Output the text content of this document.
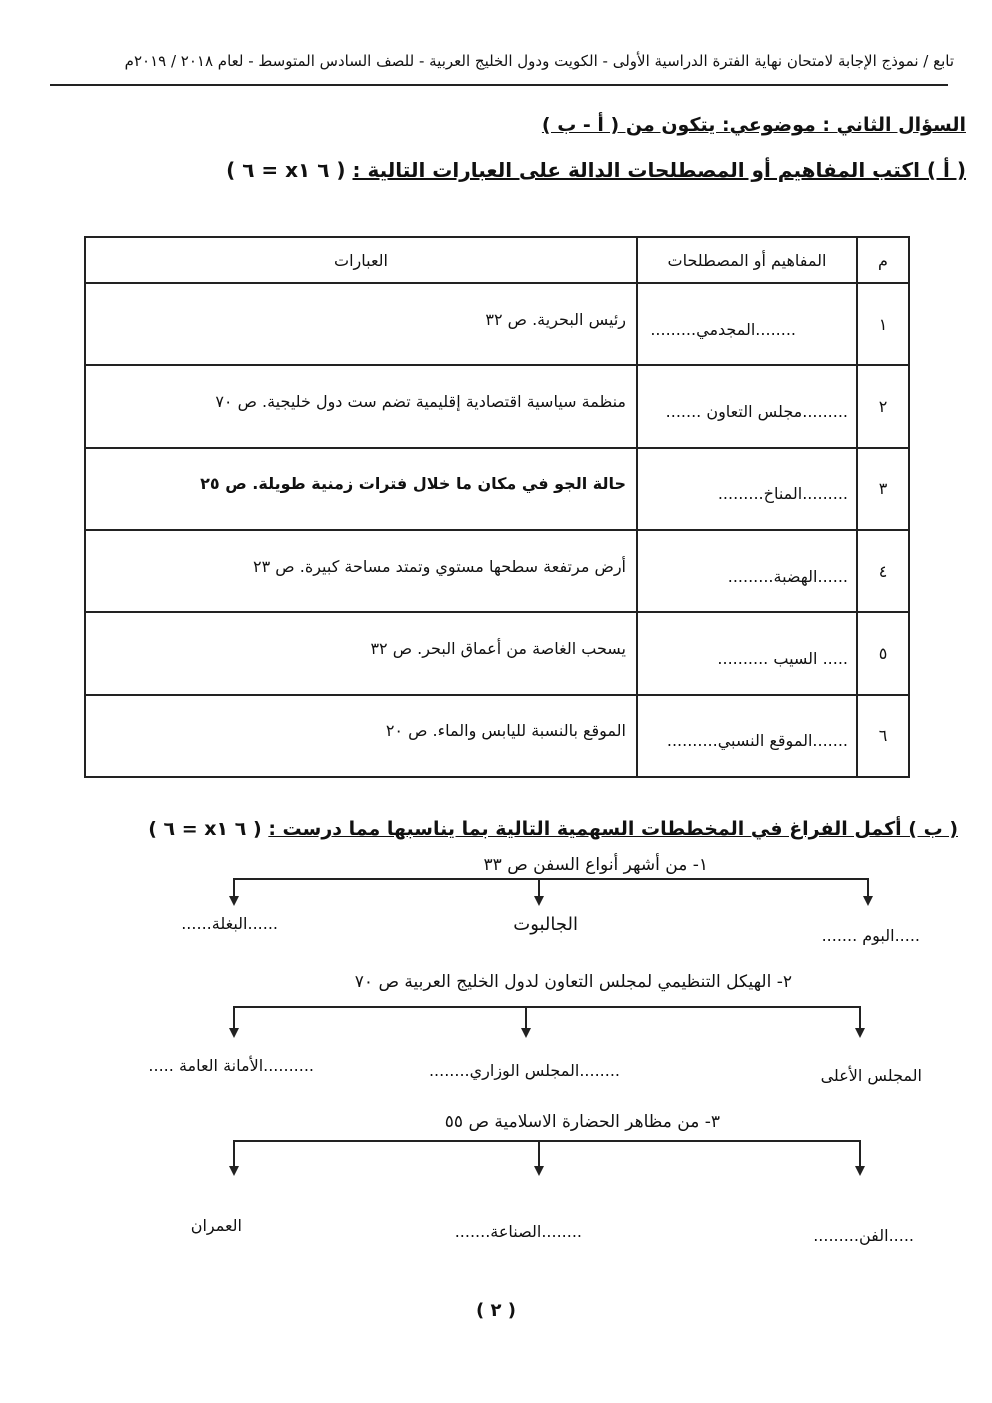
تابع / نموذج الإجابة لامتحان نهاية الفترة الدراسية الأولى - الكويت ودول الخليج العربية - للصف السادس المتوسط - لعام ٢٠١٨ / ٢٠١٩م
السؤال الثاني : موضوعي: يتكون من ( أ - ب )
( أ ) اكتب المفاهيم أو المصطلحات الدالة على العبارات التالية : ( ٦ x١ = ٦ )
م	المفاهيم أو المصطلحات	العبارات
١	........المجدمي.........	رئيس البحرية. ص ٣٢

٢	.........مجلس التعاون .......	منظمة سياسية اقتصادية إقليمية تضم ست دول خليجية. ص ٧٠

٣	.........المناخ.........	حالة الجو في مكان ما خلال فترات زمنية طويلة. ص ٢٥

٤	......الهضبة.........	أرض مرتفعة سطحها مستوي وتمتد مساحة كبيرة. ص ٢٣

٥	..... السيب ..........	يسحب الغاصة من أعماق البحر. ص ٣٢

٦	.......الموقع النسبي..........	الموقع بالنسبة لليابس والماء. ص ٢٠
( ب ) أكمل الفراغ في المخططات السهمية التالية بما يناسبها مما درست : ( ٦ x١ = ٦ )
١- من أشهر أنواع السفن ص ٣٣
.....البوم .......
الجالبوت
......البغلة......
٢- الهيكل التنظيمي لمجلس التعاون لدول الخليج العربية ص ٧٠
المجلس الأعلى
........المجلس الوزاري........
..........الأمانة العامة .....
٣- من مظاهر الحضارة الاسلامية ص ٥٥
.....الفن.........
........الصناعة.......
العمران
( ٢ )
